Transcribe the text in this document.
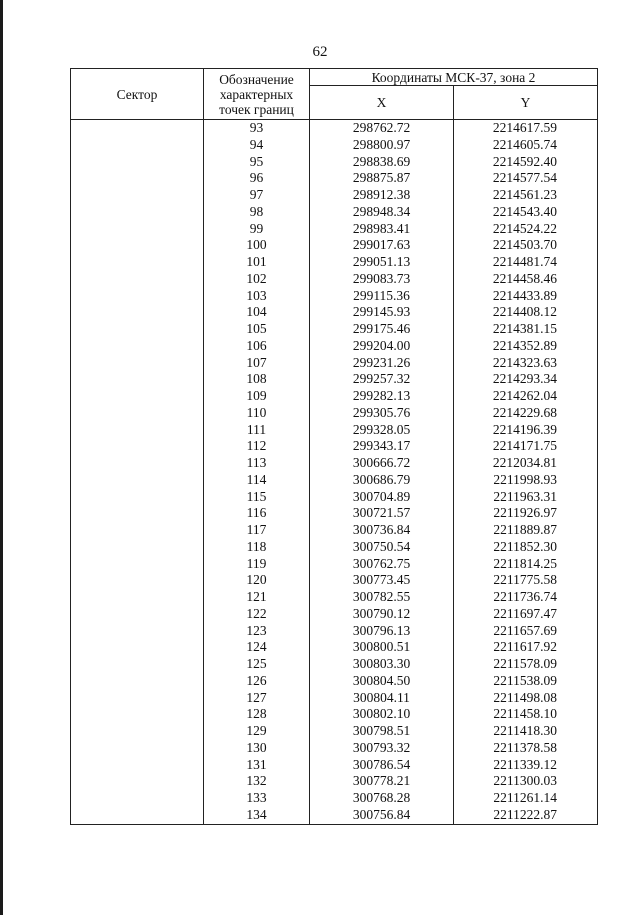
62
Сектор	Обозначение характерных точек границ	Координаты МСК-37, зона 2	
		X	Y
	93	298762.72	2214617.59
	94	298800.97	2214605.74
	95	298838.69	2214592.40
	96	298875.87	2214577.54
	97	298912.38	2214561.23
	98	298948.34	2214543.40
	99	298983.41	2214524.22
	100	299017.63	2214503.70
	101	299051.13	2214481.74
	102	299083.73	2214458.46
	103	299115.36	2214433.89
	104	299145.93	2214408.12
	105	299175.46	2214381.15
	106	299204.00	2214352.89
	107	299231.26	2214323.63
	108	299257.32	2214293.34
	109	299282.13	2214262.04
	110	299305.76	2214229.68
	111	299328.05	2214196.39
	112	299343.17	2214171.75
	113	300666.72	2212034.81
	114	300686.79	2211998.93
	115	300704.89	2211963.31
	116	300721.57	2211926.97
	117	300736.84	2211889.87
	118	300750.54	2211852.30
	119	300762.75	2211814.25
	120	300773.45	2211775.58
	121	300782.55	2211736.74
	122	300790.12	2211697.47
	123	300796.13	2211657.69
	124	300800.51	2211617.92
	125	300803.30	2211578.09
	126	300804.50	2211538.09
	127	300804.11	2211498.08
	128	300802.10	2211458.10
	129	300798.51	2211418.30
	130	300793.32	2211378.58
	131	300786.54	2211339.12
	132	300778.21	2211300.03
	133	300768.28	2211261.14
	134	300756.84	2211222.87
